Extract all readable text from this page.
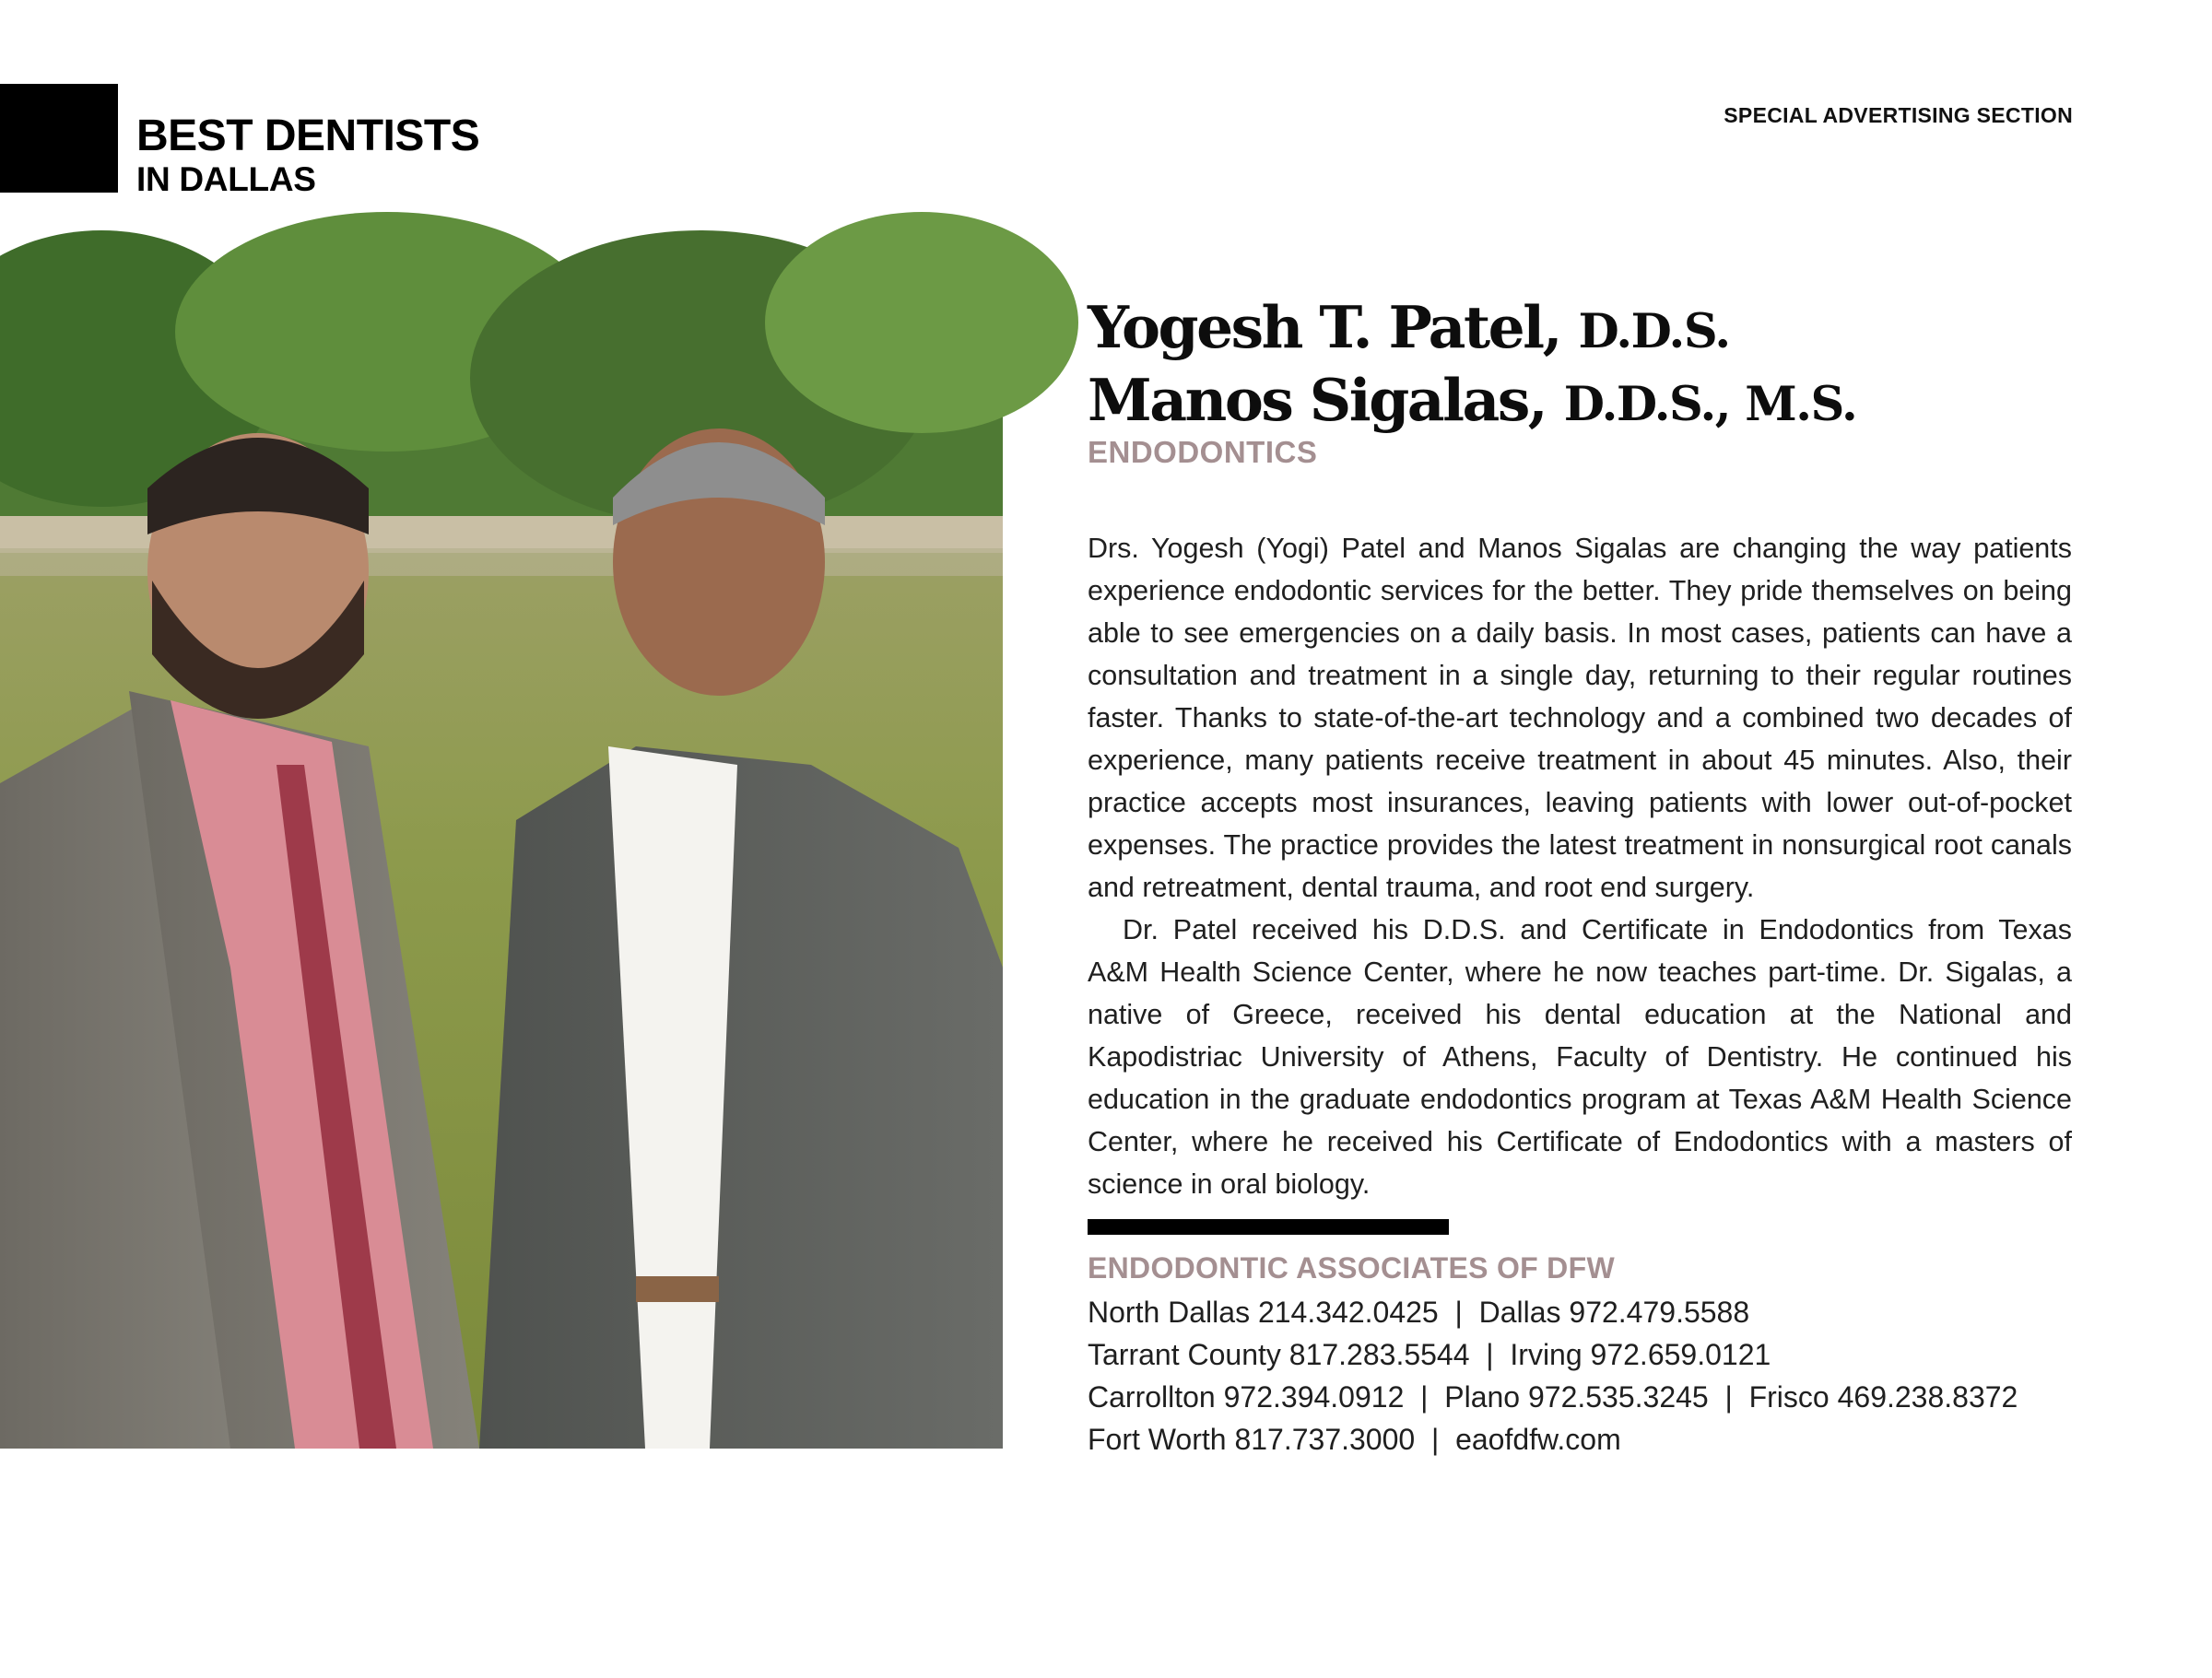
BEST DENTISTS
IN DALLAS
SPECIAL ADVERTISING SECTION
Pictured left to right:
Dr. Manos Sigalas
Dr. Yogesh Patel	VANESSA GAVALYA
Yogesh T. Patel, D.D.S.
Manos Sigalas, D.D.S., M.S.
ENDODONTICS

Drs. Yogesh (Yogi) Patel and Manos Sigalas are changing the way patients experience endodontic services for the better. They pride themselves on being able to see emergencies on a daily basis. In most cases, patients can have a consultation and treatment in a single day, returning to their regular routines faster. Thanks to state-of-the-art technology and a combined two decades of experience, many patients receive treatment in about 45 minutes. Also, their practice accepts most insurances, leaving patients with lower out-of-pocket expenses. The practice provides the latest treatment in nonsurgical root canals and retreatment, dental trauma, and root end surgery.

Dr. Patel received his D.D.S. and Certificate in Endodontics from Texas A&M Health Science Center, where he now teaches part-time. Dr. Sigalas, a native of Greece, received his dental education at the National and Kapodistriac University of Athens, Faculty of Dentistry. He continued his education in the graduate endodontics program at Texas A&M Health Science Center, where he received his Certificate of Endodontics with a masters of science in oral biology.

ENDODONTIC ASSOCIATES OF DFW
North Dallas 214.342.0425  |  Dallas 972.479.5588
Tarrant County 817.283.5544  |  Irving 972.659.0121
Carrollton 972.394.0912  |  Plano 972.535.3245  |  Frisco 469.238.8372
Fort Worth 817.737.3000  |  eaofdfw.com
